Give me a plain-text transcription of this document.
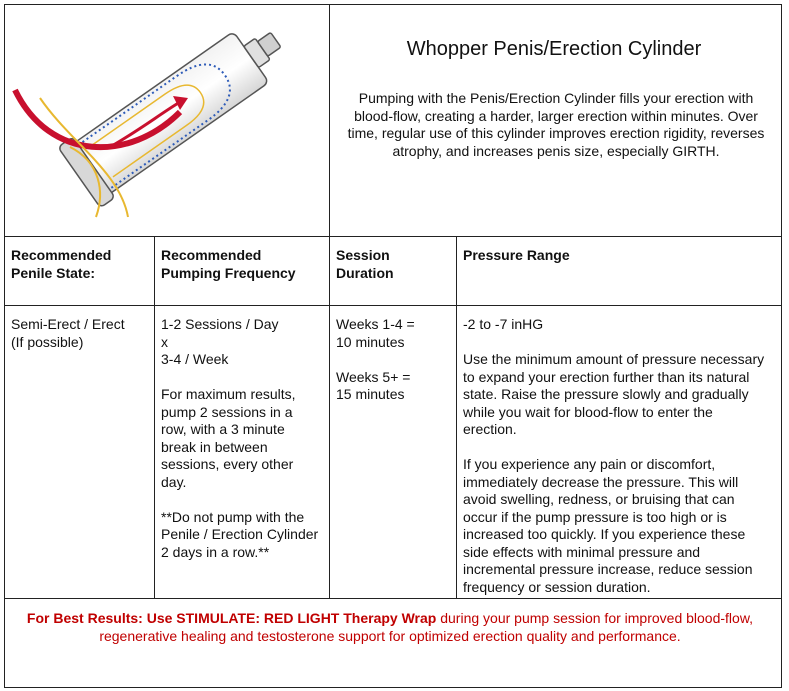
Whopper Penis/Erection Cylinder
Pumping with the Penis/Erection Cylinder fills your erection with blood-flow, creating a harder, larger erection within minutes. Over time, regular use of this cylinder improves erection rigidity, reverses atrophy, and increases penis size, especially GIRTH.
Recommended Penile State:
Recommended Pumping Frequency
Session Duration
Pressure Range
Semi-Erect / Erect
(If possible)

1-2 Sessions / Day
x
3-4 / Week

For maximum results, pump 2 sessions in a row, with a 3 minute break in between sessions, every other day.

**Do not pump with the Penile / Erection Cylinder 2 days in a row.**

Weeks 1-4 =
10 minutes

Weeks 5+ =
15 minutes

-2 to -7 inHG

Use the minimum amount of pressure necessary to expand your erection further than its natural state. Raise the pressure slowly and gradually while you wait for blood-flow to enter the erection.

If you experience any pain or discomfort, immediately decrease the pressure. This will avoid swelling, redness, or bruising that can occur if the pump pressure is too high or is increased too quickly. If you experience these side effects with minimal pressure and incremental pressure increase, reduce session frequency or session duration.

For Best Results: Use STIMULATE: RED LIGHT Therapy Wrap during your pump session for improved blood-flow, regenerative healing and testosterone support for optimized erection quality and performance.
